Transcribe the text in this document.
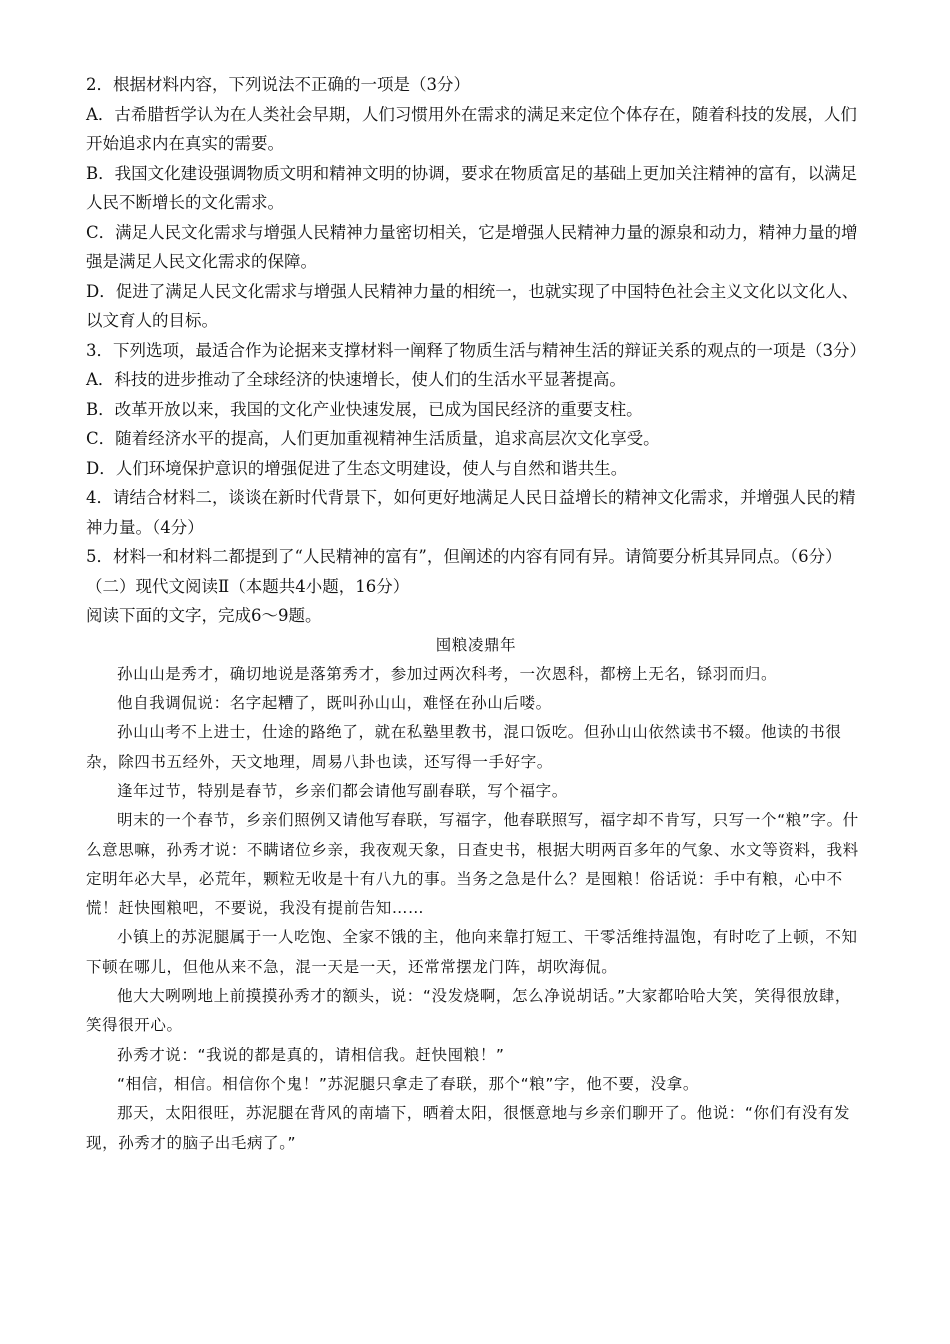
2．根据材料内容，下列说法不正确的一项是（3分）

A．古希腊哲学认为在人类社会早期，人们习惯用外在需求的满足来定位个体存在，随着科技的发展，人们开始追求内在真实的需要。

B．我国文化建设强调物质文明和精神文明的协调，要求在物质富足的基础上更加关注精神的富有，以满足人民不断增长的文化需求。

C．满足人民文化需求与增强人民精神力量密切相关，它是增强人民精神力量的源泉和动力，精神力量的增强是满足人民文化需求的保障。

D．促进了满足人民文化需求与增强人民精神力量的相统一，也就实现了中国特色社会主义文化以文化人、以文育人的目标。

3．下列选项，最适合作为论据来支撑材料一阐释了物质生活与精神生活的辩证关系的观点的一项是（3分）

A．科技的进步推动了全球经济的快速增长，使人们的生活水平显著提高。

B．改革开放以来，我国的文化产业快速发展，已成为国民经济的重要支柱。

C．随着经济水平的提高，人们更加重视精神生活质量，追求高层次文化享受。

D．人们环境保护意识的增强促进了生态文明建设，使人与自然和谐共生。

4．请结合材料二，谈谈在新时代背景下，如何更好地满足人民日益增长的精神文化需求，并增强人民的精神力量。（4分）

5．材料一和材料二都提到了“人民精神的富有”，但阐述的内容有同有异。请简要分析其异同点。（6分）

（二）现代文阅读Ⅱ（本题共4小题，16分）

阅读下面的文字，完成6～9题。

囤粮凌鼎年

孙山山是秀才，确切地说是落第秀才，参加过两次科考，一次恩科，都榜上无名，铩羽而归。

他自我调侃说：名字起糟了，既叫孙山山，难怪在孙山后喽。

孙山山考不上进士，仕途的路绝了，就在私塾里教书，混口饭吃。但孙山山依然读书不辍。他读的书很杂，除四书五经外，天文地理，周易八卦也读，还写得一手好字。

逢年过节，特别是春节，乡亲们都会请他写副春联，写个福字。

明末的一个春节，乡亲们照例又请他写春联，写福字，他春联照写，福字却不肯写，只写一个“粮”字。什么意思嘛，孙秀才说：不瞒诸位乡亲，我夜观天象，日查史书，根据大明两百多年的气象、水文等资料，我料定明年必大旱，必荒年，颗粒无收是十有八九的事。当务之急是什么？是囤粮！俗话说：手中有粮，心中不慌！赶快囤粮吧，不要说，我没有提前告知……

小镇上的苏泥腿属于一人吃饱、全家不饿的主，他向来靠打短工、干零活维持温饱，有时吃了上顿，不知下顿在哪儿，但他从来不急，混一天是一天，还常常摆龙门阵，胡吹海侃。

他大大咧咧地上前摸摸孙秀才的额头，说：“没发烧啊，怎么净说胡话。”大家都哈哈大笑，笑得很放肆，笑得很开心。

孙秀才说：“我说的都是真的，请相信我。赶快囤粮！”

“相信，相信。相信你个鬼！”苏泥腿只拿走了春联，那个“粮”字，他不要，没拿。

那天，太阳很旺，苏泥腿在背风的南墙下，晒着太阳，很惬意地与乡亲们聊开了。他说：“你们有没有发现，孙秀才的脑子出毛病了。”
